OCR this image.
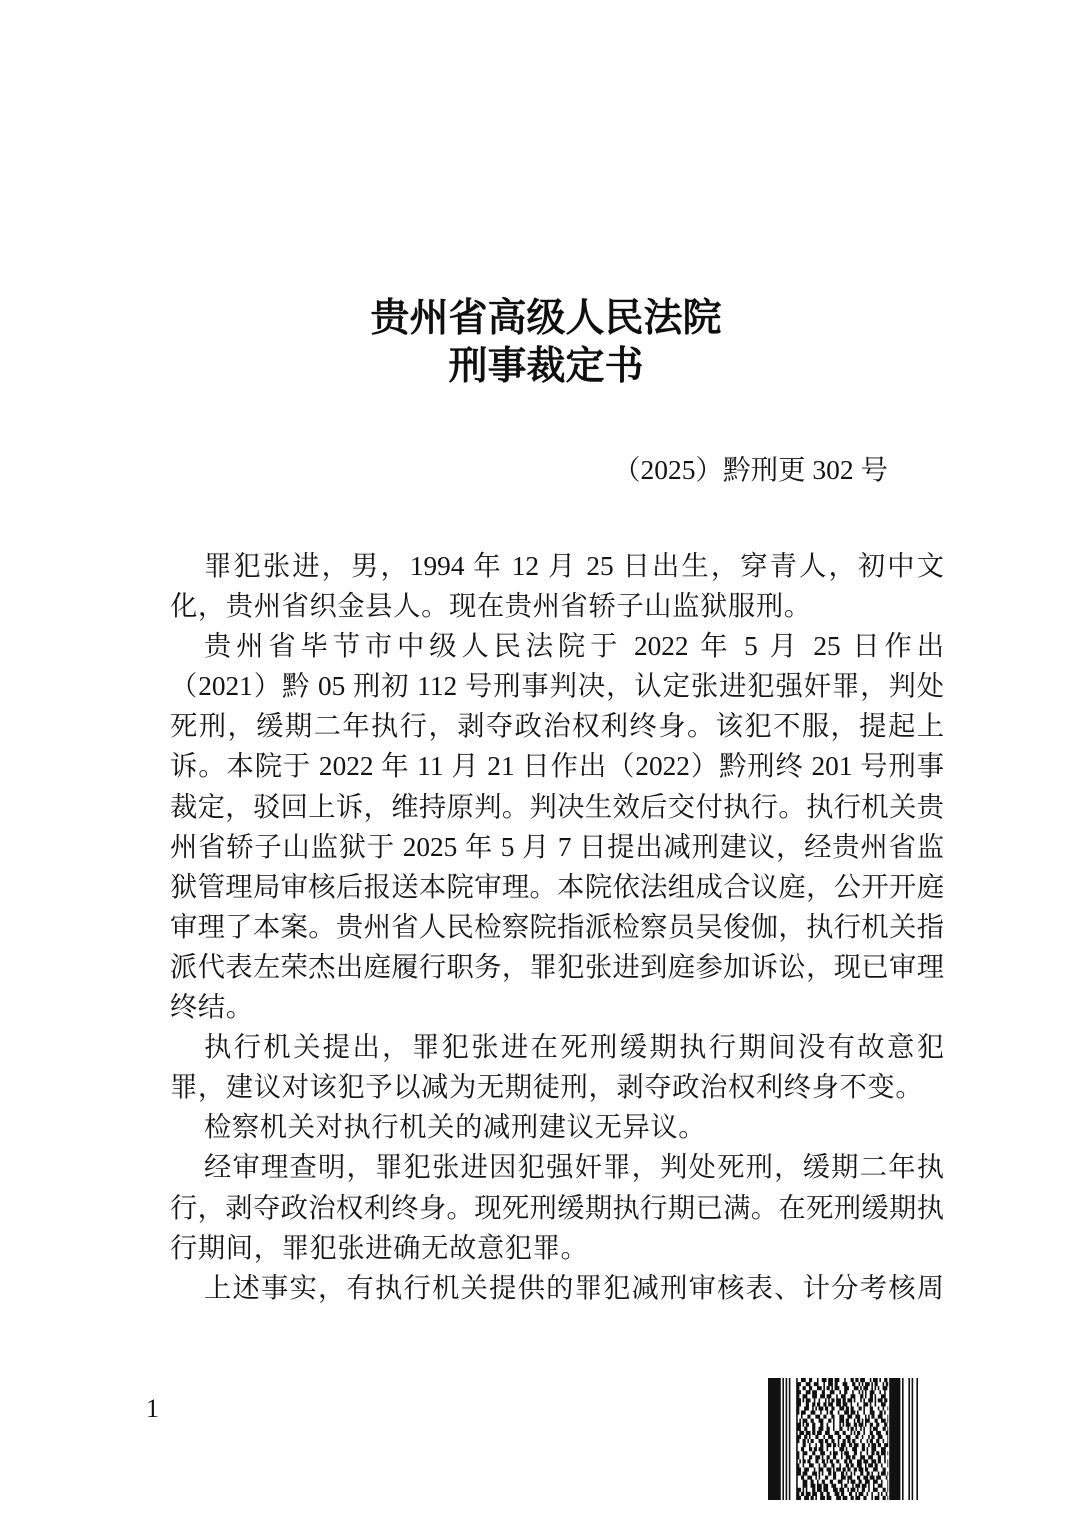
贵州省高级人民法院
刑事裁定书
（2025）黔刑更 302 号
罪犯张进，男，1994 年 12 月 25 日出生，穿青人，初中文
化，贵州省织金县人。现在贵州省轿子山监狱服刑。
贵州省毕节市中级人民法院于 2022 年 5 月 25 日作出
（2021）黔 05 刑初 112 号刑事判决，认定张进犯强奸罪，判处
死刑，缓期二年执行，剥夺政治权利终身。该犯不服，提起上
诉。本院于 2022 年 11 月 21 日作出（2022）黔刑终 201 号刑事
裁定，驳回上诉，维持原判。判决生效后交付执行。执行机关贵
州省轿子山监狱于 2025 年 5 月 7 日提出减刑建议，经贵州省监
狱管理局审核后报送本院审理。本院依法组成合议庭，公开开庭
审理了本案。贵州省人民检察院指派检察员吴俊伽，执行机关指
派代表左荣杰出庭履行职务，罪犯张进到庭参加诉讼，现已审理
终结。
执行机关提出，罪犯张进在死刑缓期执行期间没有故意犯
罪，建议对该犯予以减为无期徒刑，剥夺政治权利终身不变。
检察机关对执行机关的减刑建议无异议。
经审理查明，罪犯张进因犯强奸罪，判处死刑，缓期二年执
行，剥夺政治权利终身。现死刑缓期执行期已满。在死刑缓期执
行期间，罪犯张进确无故意犯罪。
上述事实，有执行机关提供的罪犯减刑审核表、计分考核周
1
